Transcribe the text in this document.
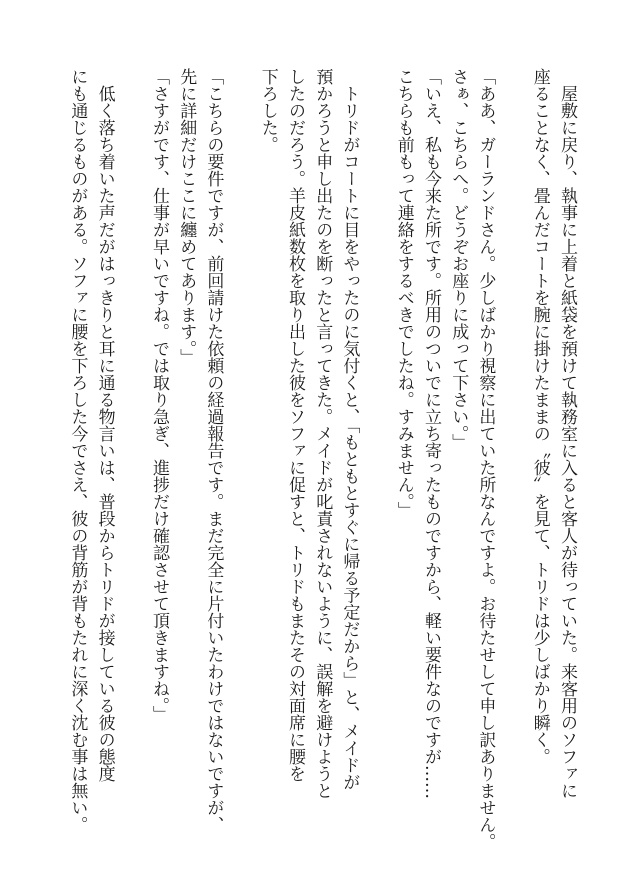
　屋敷に戻り、執事に上着と紙袋を預けて執務室に入ると客人が待っていた。来客用のソファに
座ることなく、畳んだコートを腕に掛けたままの〝彼〟を見て、トリドは少しばかり瞬く。
「ああ、ガーランドさん。少しばかり視察に出ていた所なんですよ。お待たせして申し訳ありません。
さぁ、こちらへ。どうぞお座りに成って下さい。」
「いえ、私も今来た所です。所用のついでに立ち寄ったものですから、軽い要件なのですが……
こちらも前もって連絡をするべきでしたね。すみません。」
　トリドがコートに目をやったのに気付くと、「もともとすぐに帰る予定だから」と、メイドが
預かろうと申し出たのを断ったと言ってきた。メイドが叱責されないように、誤解を避けようと
したのだろう。羊皮紙数枚を取り出した彼をソファに促すと、トリドもまたその対面席に腰を
下ろした。
「こちらの要件ですが、前回請けた依頼の経過報告です。まだ完全に片付いたわけではないですが、
先に詳細だけここに纏めてあります。」
「さすがです、仕事が早いですね。では取り急ぎ、進捗だけ確認させて頂きますね。」
　低く落ち着いた声だがはっきりと耳に通る物言いは、普段からトリドが接している彼の態度
にも通じるものがある。ソファに腰を下ろした今でさえ、彼の背筋が背もたれに深く沈む事は無い。
